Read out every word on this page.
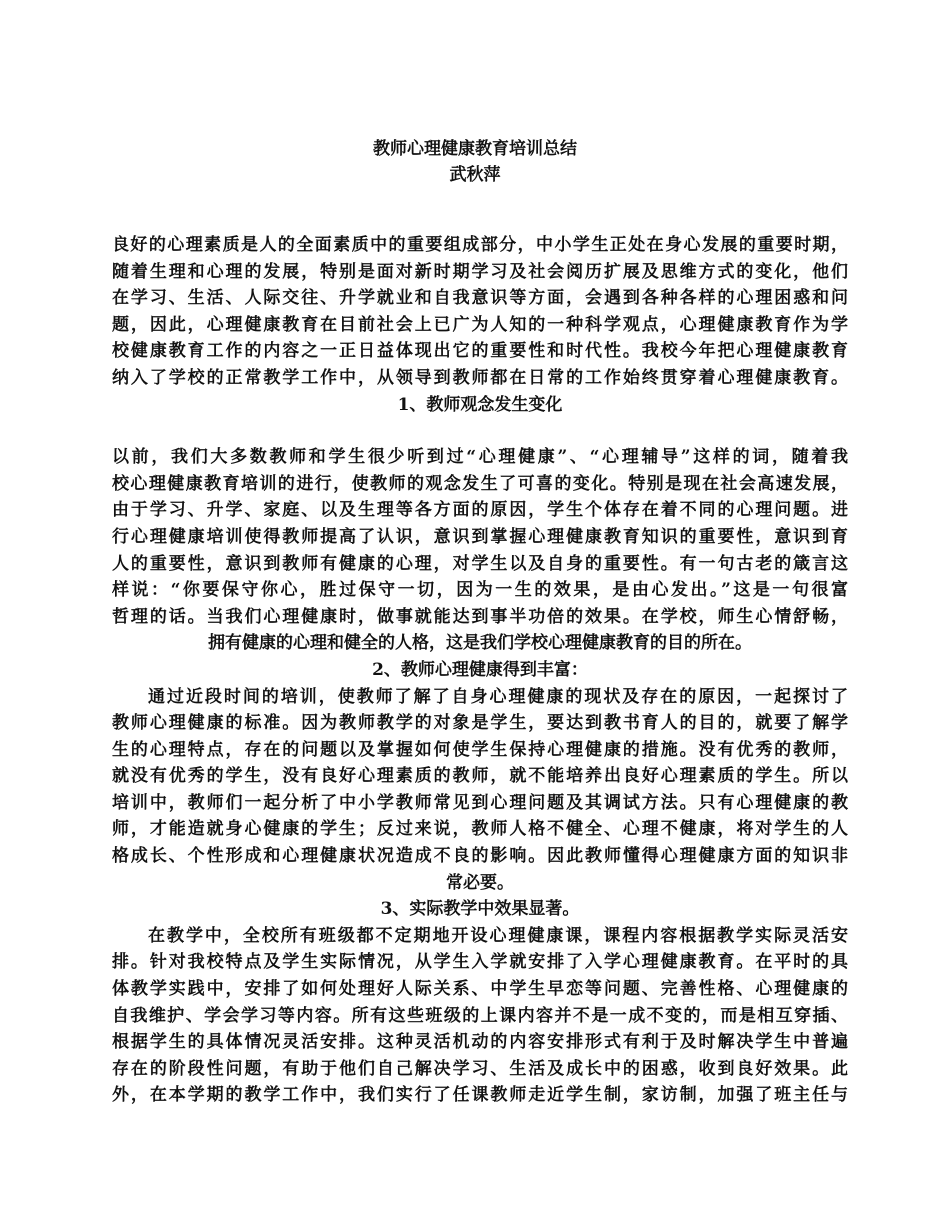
教师心理健康教育培训总结
武秋萍
良好的心理素质是人的全面素质中的重要组成部分，中小学生正处在身心发展的重要时期，
随着生理和心理的发展，特别是面对新时期学习及社会阅历扩展及思维方式的变化，他们
在学习、生活、人际交往、升学就业和自我意识等方面，会遇到各种各样的心理困惑和问
题，因此，心理健康教育在目前社会上已广为人知的一种科学观点，心理健康教育作为学
校健康教育工作的内容之一正日益体现出它的重要性和时代性。我校今年把心理健康教育
纳入了学校的正常教学工作中，从领导到教师都在日常的工作始终贯穿着心理健康教育。
1、教师观念发生变化
以前，我们大多数教师和学生很少听到过“心理健康”、“心理辅导”这样的词，随着我
校心理健康教育培训的进行，使教师的观念发生了可喜的变化。特别是现在社会高速发展，
由于学习、升学、家庭、以及生理等各方面的原因，学生个体存在着不同的心理问题。进
行心理健康培训使得教师提高了认识，意识到掌握心理健康教育知识的重要性，意识到育
人的重要性，意识到教师有健康的心理，对学生以及自身的重要性。有一句古老的箴言这
样说：“你要保守你心，胜过保守一切，因为一生的效果，是由心发出。”这是一句很富
哲理的话。当我们心理健康时，做事就能达到事半功倍的效果。在学校，师生心情舒畅，
拥有健康的心理和健全的人格，这是我们学校心理健康教育的目的所在。
2、教师心理健康得到丰富：
通过近段时间的培训，使教师了解了自身心理健康的现状及存在的原因，一起探讨了
教师心理健康的标准。因为教师教学的对象是学生，要达到教书育人的目的，就要了解学
生的心理特点，存在的问题以及掌握如何使学生保持心理健康的措施。没有优秀的教师，
就没有优秀的学生，没有良好心理素质的教师，就不能培养出良好心理素质的学生。所以
培训中，教师们一起分析了中小学教师常见到心理问题及其调试方法。只有心理健康的教
师，才能造就身心健康的学生；反过来说，教师人格不健全、心理不健康，将对学生的人
格成长、个性形成和心理健康状况造成不良的影响。因此教师懂得心理健康方面的知识非
常必要。
3、实际教学中效果显著。
在教学中，全校所有班级都不定期地开设心理健康课，课程内容根据教学实际灵活安
排。针对我校特点及学生实际情况，从学生入学就安排了入学心理健康教育。在平时的具
体教学实践中，安排了如何处理好人际关系、中学生早恋等问题、完善性格、心理健康的
自我维护、学会学习等内容。所有这些班级的上课内容并不是一成不变的，而是相互穿插、
根据学生的具体情况灵活安排。这种灵活机动的内容安排形式有利于及时解决学生中普遍
存在的阶段性问题，有助于他们自己解决学习、生活及成长中的困惑，收到良好效果。此
外，在本学期的教学工作中，我们实行了任课教师走近学生制，家访制，加强了班主任与
